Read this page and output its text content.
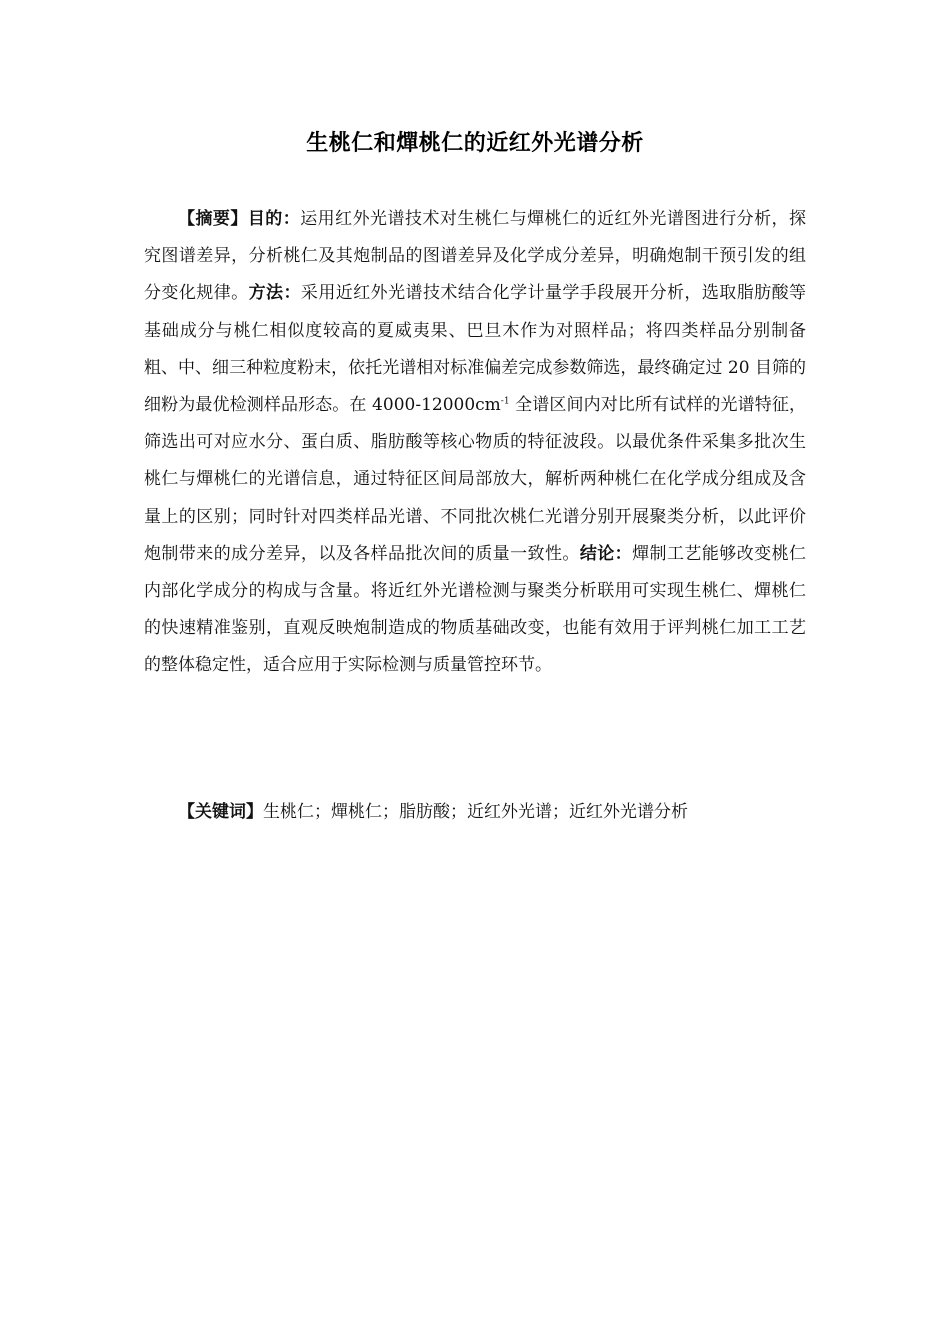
生桃仁和燀桃仁的近红外光谱分析

【摘要】目的：运用红外光谱技术对生桃仁与燀桃仁的近红外光谱图进行分析，探究图谱差异，分析桃仁及其炮制品的图谱差异及化学成分差异，明确炮制干预引发的组分变化规律。方法：采用近红外光谱技术结合化学计量学手段展开分析，选取脂肪酸等基础成分与桃仁相似度较高的夏威夷果、巴旦木作为对照样品；将四类样品分别制备粗、中、细三种粒度粉末，依托光谱相对标准偏差完成参数筛选，最终确定过 20 目筛的细粉为最优检测样品形态。在 $4000-12000cm^{-1}$ 全谱区间内对比所有试样的光谱特征，筛选出可对应水分、蛋白质、脂肪酸等核心物质的特征波段。以最优条件采集多批次生桃仁与燀桃仁的光谱信息，通过特征区间局部放大，解析两种桃仁在化学成分组成及含量上的区别；同时针对四类样品光谱、不同批次桃仁光谱分别开展聚类分析，以此评价炮制带来的成分差异，以及各样品批次间的质量一致性。结论：燀制工艺能够改变桃仁内部化学成分的构成与含量。将近红外光谱检测与聚类分析联用可实现生桃仁、燀桃仁的快速精准鉴别，直观反映炮制造成的物质基础改变，也能有效用于评判桃仁加工工艺的整体稳定性，适合应用于实际检测与质量管控环节。

【关键词】生桃仁；燀桃仁；脂肪酸；近红外光谱；近红外光谱分析
